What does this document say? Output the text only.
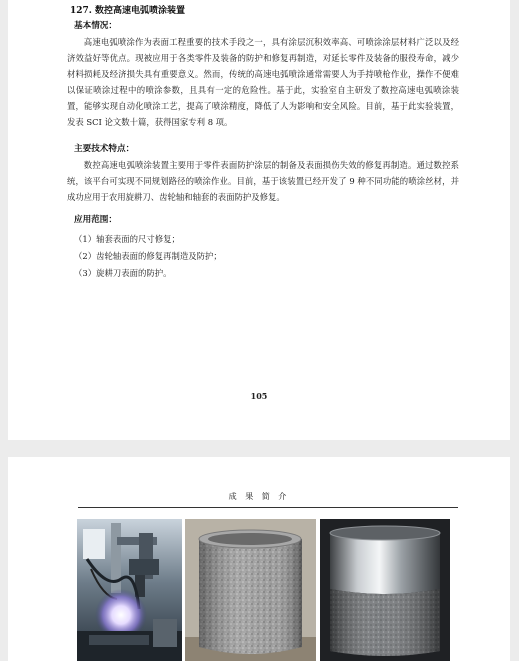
127. 数控高速电弧喷涂装置
基本情况：

高速电弧喷涂作为表面工程重要的技术手段之一，具有涂层沉积效率高、可喷涂涂层材料广泛以及经济效益好等优点。现被应用于各类零件及装备的防护和修复再制造，对延长零件及装备的服役寿命，减少材料损耗及经济损失具有重要意义。然而，传统的高速电弧喷涂通常需要人为手持喷枪作业，操作不便难以保证喷涂过程中的喷涂参数，且具有一定的危险性。基于此，实验室自主研发了数控高速电弧喷涂装置，能够实现自动化喷涂工艺，提高了喷涂精度，降低了人为影响和安全风险。目前，基于此实验装置，发表 SCI 论文数十篇，获得国家专利 8 项。

主要技术特点：

数控高速电弧喷涂装置主要用于零件表面防护涂层的制备及表面损伤失效的修复再制造。通过数控系统，该平台可实现不同规划路径的喷涂作业。目前，基于该装置已经开发了 9 种不同功能的喷涂丝材，并成功应用于农用旋耕刀、齿轮轴和轴套的表面防护及修复。

应用范围：
（1）轴套表面的尺寸修复；
（2）齿轮轴表面的修复再制造及防护；
（3）旋耕刀表面的防护。
105
成 果 简 介
